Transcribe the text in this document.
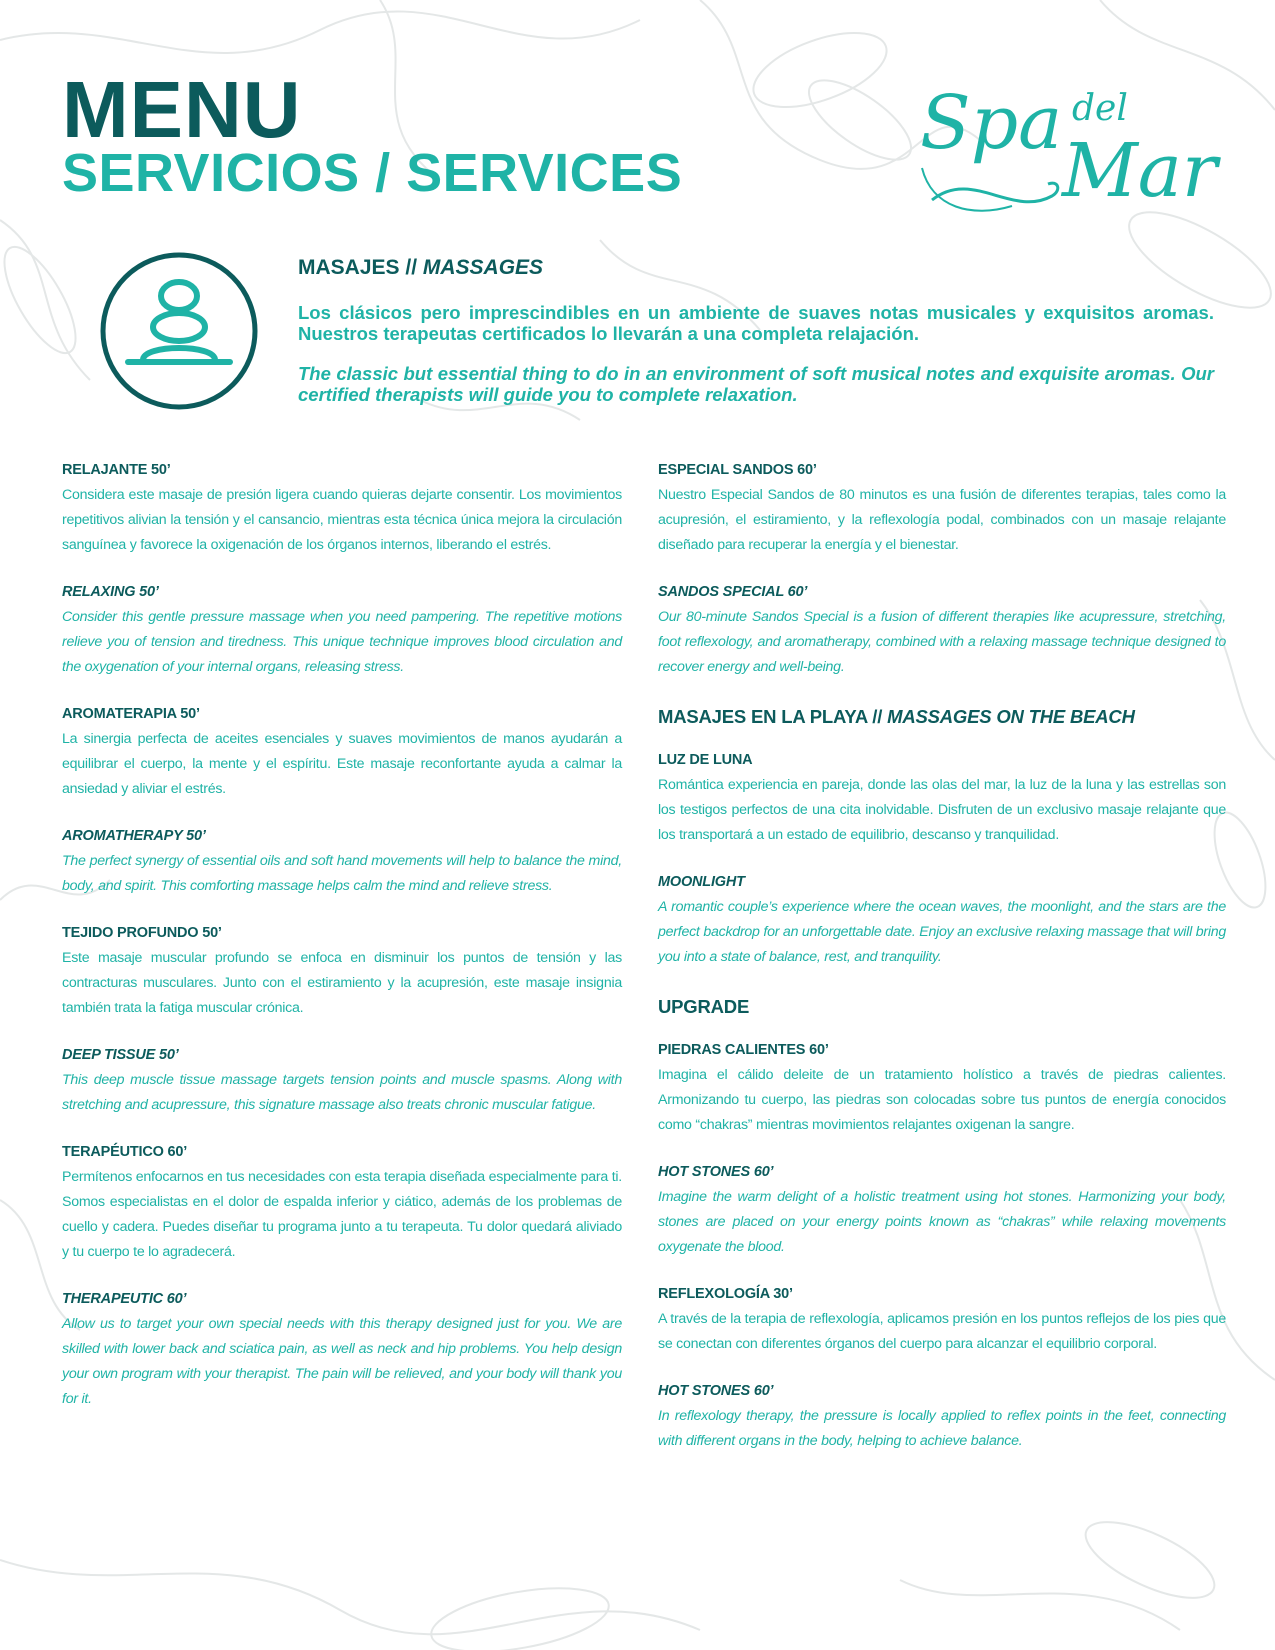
MENU
SERVICIOS / SERVICES
Spa del
Mar
MASAJES // MASSAGES

Los clásicos pero imprescindibles en un ambiente de suaves notas musicales y exquisitos aromas. Nuestros terapeutas certificados lo llevarán a una completa relajación.

The classic but essential thing to do in an environment of soft musical notes and exquisite aromas. Our certified therapists will guide you to complete relaxation.

RELAJANTE 50’

Considera este masaje de presión ligera cuando quieras dejarte consentir. Los movimientos repetitivos alivian la tensión y el cansancio, mientras esta técnica única mejora la circulación sanguínea y favorece la oxigenación de los órganos internos, liberando el estrés.

RELAXING 50’

Consider this gentle pressure massage when you need pampering. The repetitive motions relieve you of tension and tiredness. This unique technique improves blood circulation and the oxygenation of your internal organs, releasing stress.

AROMATERAPIA 50’

La sinergia perfecta de aceites esenciales y suaves movimientos de manos ayudarán a equilibrar el cuerpo, la mente y el espíritu. Este masaje reconfortante ayuda a calmar la ansiedad y aliviar el estrés.

AROMATHERAPY 50’

The perfect synergy of essential oils and soft hand movements will help to balance the mind, body, and spirit. This comforting massage helps calm the mind and relieve stress.

TEJIDO PROFUNDO 50’

Este masaje muscular profundo se enfoca en disminuir los puntos de tensión y las contracturas musculares. Junto con el estiramiento y la acupresión, este masaje insignia también trata la fatiga muscular crónica.

DEEP TISSUE 50’

This deep muscle tissue massage targets tension points and muscle spasms. Along with stretching and acupressure, this signature massage also treats chronic muscular fatigue.

TERAPÉUTICO 60’

Permítenos enfocarnos en tus necesidades con esta terapia diseñada especialmente para ti. Somos especialistas en el dolor de espalda inferior y ciático, además de los problemas de cuello y cadera. Puedes diseñar tu programa junto a tu terapeuta. Tu dolor quedará aliviado y tu cuerpo te lo agradecerá.

THERAPEUTIC 60’

Allow us to target your own special needs with this therapy designed just for you. We are skilled with lower back and sciatica pain, as well as neck and hip problems. You help design your own program with your therapist. The pain will be relieved, and your body will thank you for it.

ESPECIAL SANDOS 60’

Nuestro Especial Sandos de 80 minutos es una fusión de diferentes terapias, tales como la acupresión, el estiramiento, y la reflexología podal, combinados con un masaje relajante diseñado para recuperar la energía y el bienestar.

SANDOS SPECIAL 60’

Our 80-minute Sandos Special is a fusion of different therapies like acupressure, stretching, foot reflexology, and aromatherapy, combined with a relaxing massage technique designed to recover energy and well-being.

MASAJES EN LA PLAYA // MASSAGES ON THE BEACH

LUZ DE LUNA

Romántica experiencia en pareja, donde las olas del mar, la luz de la luna y las estrellas son los testigos perfectos de una cita inolvidable. Disfruten de un exclusivo masaje relajante que los transportará a un estado de equilibrio, descanso y tranquilidad.

MOONLIGHT

A romantic couple’s experience where the ocean waves, the moonlight, and the stars are the perfect backdrop for an unforgettable date. Enjoy an exclusive relaxing massage that will bring you into a state of balance, rest, and tranquility.

UPGRADE

PIEDRAS CALIENTES 60’

Imagina el cálido deleite de un tratamiento holístico a través de piedras calientes. Armonizando tu cuerpo, las piedras son colocadas sobre tus puntos de energía conocidos como “chakras” mientras movimientos relajantes oxigenan la sangre.

HOT STONES 60’

Imagine the warm delight of a holistic treatment using hot stones. Harmonizing your body, stones are placed on your energy points known as “chakras” while relaxing movements oxygenate the blood.

REFLEXOLOGÍA 30’

A través de la terapia de reflexología, aplicamos presión en los puntos reflejos de los pies que se conectan con diferentes órganos del cuerpo para alcanzar el equilibrio corporal.

HOT STONES 60’

In reflexology therapy, the pressure is locally applied to reflex points in the feet, connecting with different organs in the body, helping to achieve balance.
